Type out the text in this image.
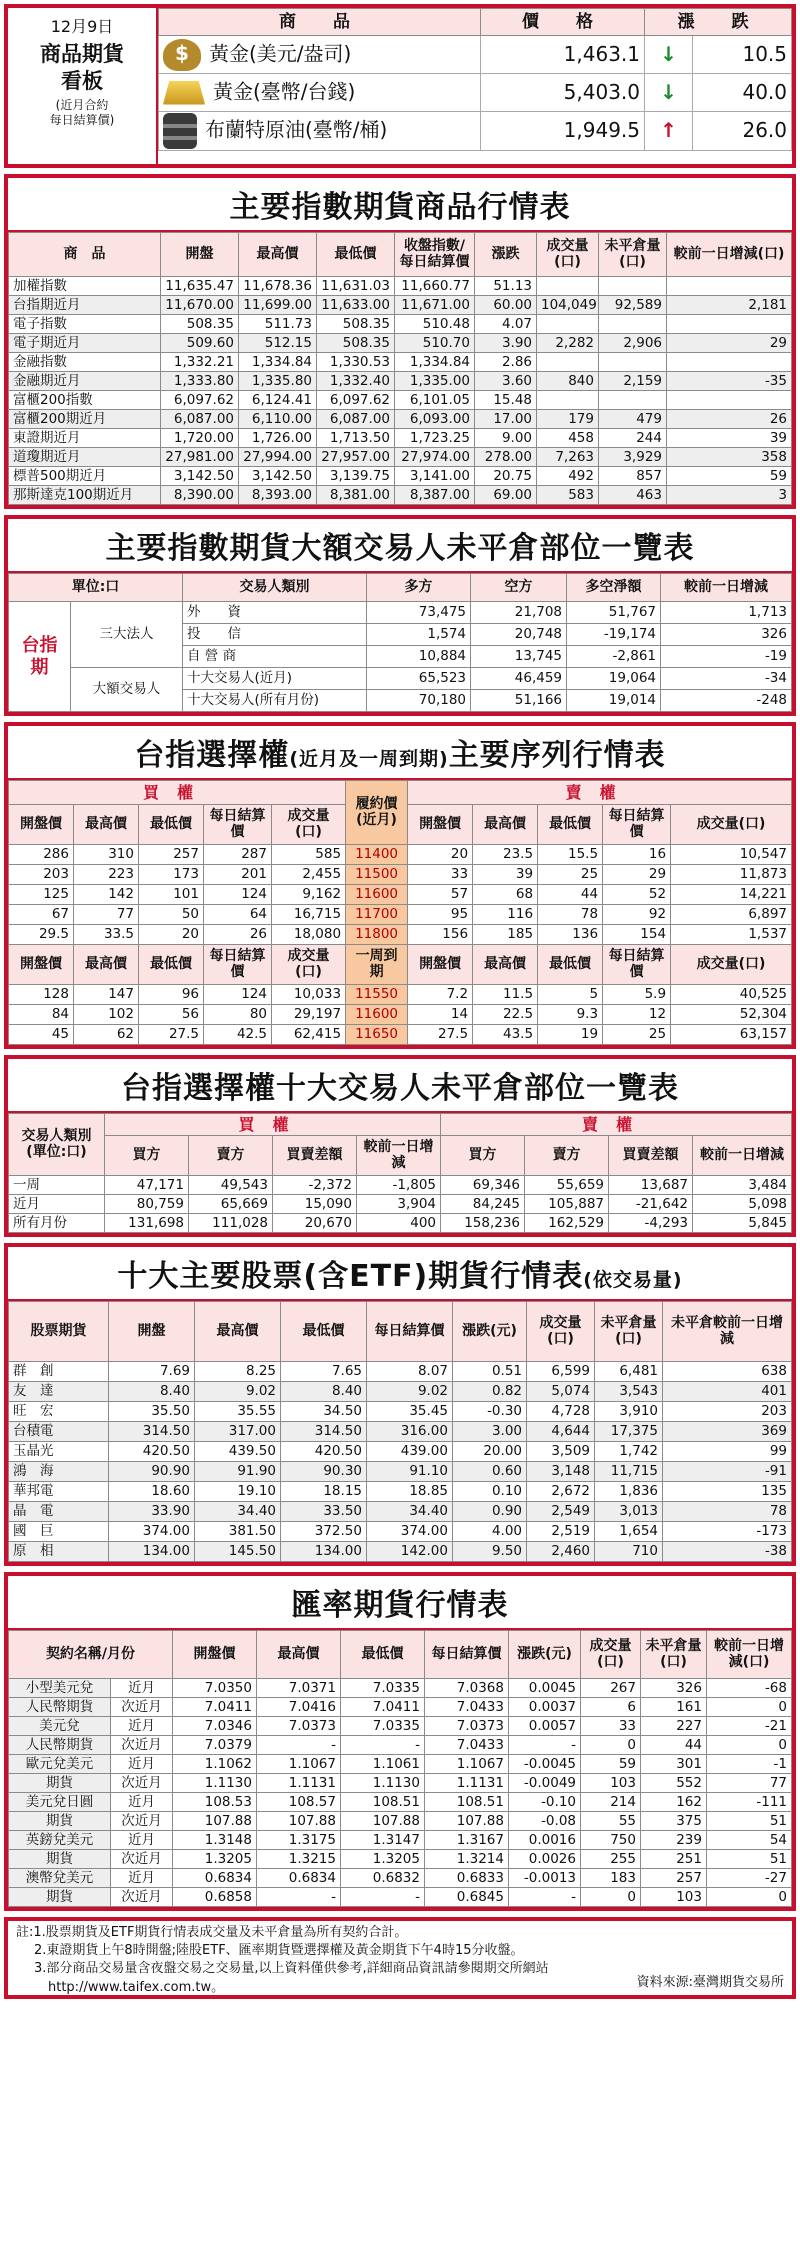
12月9日
商品期貨
看板
(近月合約
每日結算價)
商　品	價　格	漲　跌	
$黃金(美元/盎司)	1,463.1	↓	10.5
黃金(臺幣/台錢)	5,403.0	↓	40.0
布蘭特原油(臺幣/桶)	1,949.5	↑	26.0
主要指數期貨商品行情表
商　品	開盤	最高價	最低價	收盤指數/每日結算價	漲跌	成交量(口)	未平倉量(口)	較前一日增減(口)
加權指數	11,635.47	11,678.36	11,631.03	11,660.77	51.13			
台指期近月	11,670.00	11,699.00	11,633.00	11,671.00	60.00	104,049	92,589	2,181
電子指數	508.35	511.73	508.35	510.48	4.07			
電子期近月	509.60	512.15	508.35	510.70	3.90	2,282	2,906	29
金融指數	1,332.21	1,334.84	1,330.53	1,334.84	2.86			
金融期近月	1,333.80	1,335.80	1,332.40	1,335.00	3.60	840	2,159	-35
富櫃200指數	6,097.62	6,124.41	6,097.62	6,101.05	15.48			
富櫃200期近月	6,087.00	6,110.00	6,087.00	6,093.00	17.00	179	479	26
東證期近月	1,720.00	1,726.00	1,713.50	1,723.25	9.00	458	244	39
道瓊期近月	27,981.00	27,994.00	27,957.00	27,974.00	278.00	7,263	3,929	358
標普500期近月	3,142.50	3,142.50	3,139.75	3,141.00	20.75	492	857	59
那斯達克100期近月	8,390.00	8,393.00	8,381.00	8,387.00	69.00	583	463	3
主要指數期貨大額交易人未平倉部位一覽表
單位:口		交易人類別	多方	空方	多空淨額	較前一日增減
台指期	三大法人	外　　資	73,475	21,708	51,767	1,713
		投　　信	1,574	20,748	-19,174	326
		自 營 商	10,884	13,745	-2,861	-19
	大額交易人	十大交易人(近月)	65,523	46,459	19,064	-34
		十大交易人(所有月份)	70,180	51,166	19,014	-248
台指選擇權(近月及一周到期)主要序列行情表
買權					履約價(近月)	賣權				
開盤價	最高價	最低價	每日結算價	成交量(口)		開盤價	最高價	最低價	每日結算價	成交量(口)
286	310	257	287	585	11400	20	23.5	15.5	16	10,547
203	223	173	201	2,455	11500	33	39	25	29	11,873
125	142	101	124	9,162	11600	57	68	44	52	14,221
67	77	50	64	16,715	11700	95	116	78	92	6,897
29.5	33.5	20	26	18,080	11800	156	185	136	154	1,537
開盤價	最高價	最低價	每日結算價	成交量(口)	一周到期	開盤價	最高價	最低價	每日結算價	成交量(口)
128	147	96	124	10,033	11550	7.2	11.5	5	5.9	40,525
84	102	56	80	29,197	11600	14	22.5	9.3	12	52,304
45	62	27.5	42.5	62,415	11650	27.5	43.5	19	25	63,157
台指選擇權十大交易人未平倉部位一覽表
交易人類別(單位:口)	買權				賣權			
	買方	賣方	買賣差額	較前一日增減	買方	賣方	買賣差額	較前一日增減
一周	47,171	49,543	-2,372	-1,805	69,346	55,659	13,687	3,484
近月	80,759	65,669	15,090	3,904	84,245	105,887	-21,642	5,098
所有月份	131,698	111,028	20,670	400	158,236	162,529	-4,293	5,845
十大主要股票(含ETF)期貨行情表(依交易量)
股票期貨	開盤	最高價	最低價	每日結算價	漲跌(元)	成交量(口)	未平倉量(口)	未平倉較前一日增減
群　創	7.69	8.25	7.65	8.07	0.51	6,599	6,481	638
友　達	8.40	9.02	8.40	9.02	0.82	5,074	3,543	401
旺　宏	35.50	35.55	34.50	35.45	-0.30	4,728	3,910	203
台積電	314.50	317.00	314.50	316.00	3.00	4,644	17,375	369
玉晶光	420.50	439.50	420.50	439.00	20.00	3,509	1,742	99
鴻　海	90.90	91.90	90.30	91.10	0.60	3,148	11,715	-91
華邦電	18.60	19.10	18.15	18.85	0.10	2,672	1,836	135
晶　電	33.90	34.40	33.50	34.40	0.90	2,549	3,013	78
國　巨	374.00	381.50	372.50	374.00	4.00	2,519	1,654	-173
原　相	134.00	145.50	134.00	142.00	9.50	2,460	710	-38
匯率期貨行情表
契約名稱/月份		開盤價	最高價	最低價	每日結算價	漲跌(元)	成交量(口)	未平倉量(口)	較前一日增減(口)
小型美元兌	近月	7.0350	7.0371	7.0335	7.0368	0.0045	267	326	-68
人民幣期貨	次近月	7.0411	7.0416	7.0411	7.0433	0.0037	6	161	0
美元兌	近月	7.0346	7.0373	7.0335	7.0373	0.0057	33	227	-21
人民幣期貨	次近月	7.0379	-	-	7.0433	-	0	44	0
歐元兌美元	近月	1.1062	1.1067	1.1061	1.1067	-0.0045	59	301	-1
期貨	次近月	1.1130	1.1131	1.1130	1.1131	-0.0049	103	552	77
美元兌日圓	近月	108.53	108.57	108.51	108.51	-0.10	214	162	-111
期貨	次近月	107.88	107.88	107.88	107.88	-0.08	55	375	51
英鎊兌美元	近月	1.3148	1.3175	1.3147	1.3167	0.0016	750	239	54
期貨	次近月	1.3205	1.3215	1.3205	1.3214	0.0026	255	251	51
澳幣兌美元	近月	0.6834	0.6834	0.6832	0.6833	-0.0013	183	257	-27
期貨	次近月	0.6858	-	-	0.6845	-	0	103	0
註:1.股票期貨及ETF期貨行情表成交量及未平倉量為所有契約合計。
2.東證期貨上午8時開盤;陸股ETF、匯率期貨暨選擇權及黃金期貨下午4時15分收盤。
3.部分商品交易量含夜盤交易之交易量,以上資料僅供參考,詳細商品資訊請參閱期交所網站
http://www.taifex.com.tw。	資料來源:臺灣期貨交易所
